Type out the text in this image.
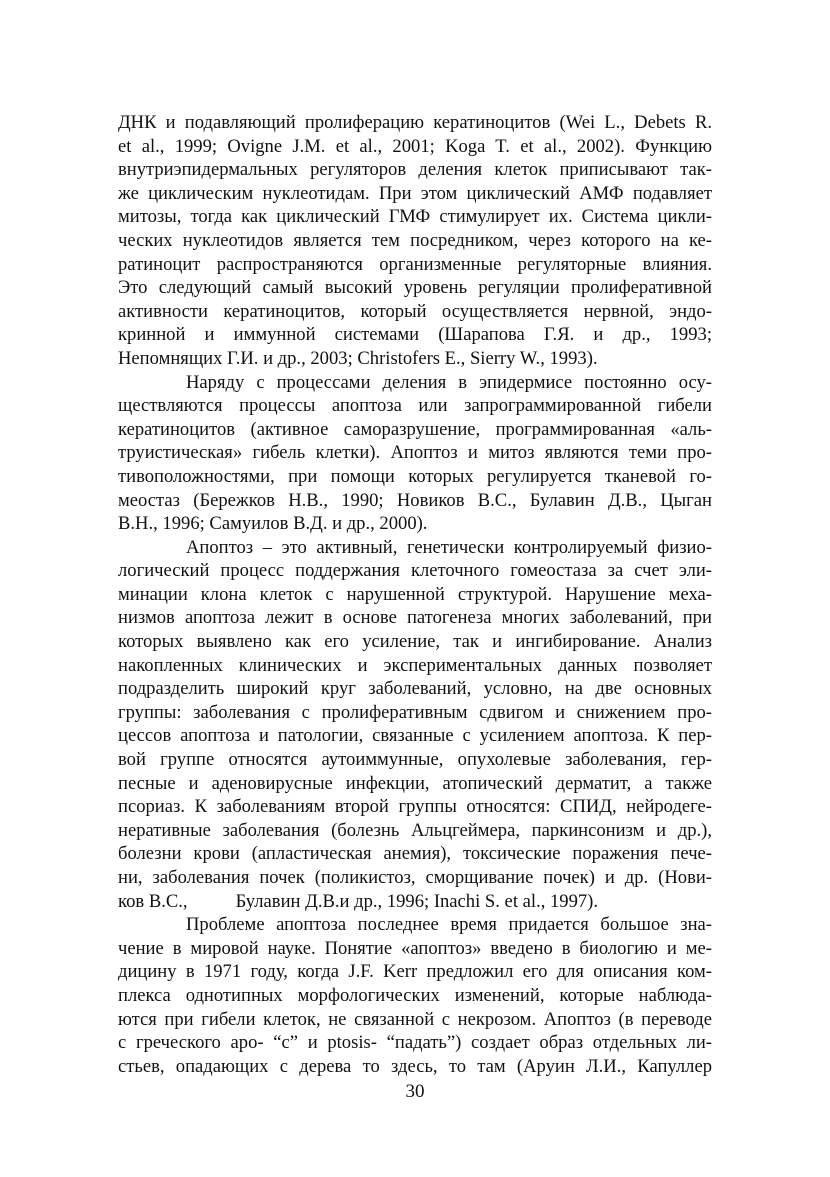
ДНК и подавляющий пролиферацию кератиноцитов (Wei L., Debets R.
et al., 1999; Ovigne J.M. et al., 2001; Koga T. et al., 2002). Функцию
внутриэпидермальных регуляторов деления клеток приписывают так-
же циклическим нуклеотидам. При этом циклический АМФ подавляет
митозы, тогда как циклический ГМФ стимулирует их. Система цикли-
ческих нуклеотидов является тем посредником, через которого на ке-
ратиноцит распространяются организменные регуляторные влияния.
Это следующий самый высокий уровень регуляции пролиферативной
активности кератиноцитов, который осуществляется нервной, эндо-
кринной и иммунной системами (Шарапова Г.Я. и др., 1993;
Непомнящих Г.И. и др., 2003; Christofers E., Sierry W., 1993).
Наряду с процессами деления в эпидермисе постоянно осу-
ществляются процессы апоптоза или запрограммированной гибели
кератиноцитов (активное саморазрушение, программированная «аль-
труистическая» гибель клетки). Апоптоз и митоз являются теми про-
тивоположностями, при помощи которых регулируется тканевой го-
меостаз (Бережков Н.В., 1990; Новиков В.С., Булавин Д.В., Цыган
В.Н., 1996; Самуилов В.Д. и др., 2000).
Апоптоз – это активный, генетически контролируемый физио-
логический процесс поддержания клеточного гомеостаза за счет эли-
минации клона клеток с нарушенной структурой. Нарушение меха-
низмов апоптоза лежит в основе патогенеза многих заболеваний, при
которых выявлено как его усиление, так и ингибирование. Анализ
накопленных клинических и экспериментальных данных позволяет
подразделить широкий круг заболеваний, условно, на две основных
группы: заболевания с пролиферативным сдвигом и снижением про-
цессов апоптоза и патологии, связанные с усилением апоптоза. К пер-
вой группе относятся аутоиммунные, опухолевые заболевания, гер-
песные и аденовирусные инфекции, атопический дерматит, а также
псориаз. К заболеваниям второй группы относятся: СПИД, нейродеге-
неративные заболевания (болезнь Альцгеймера, паркинсонизм и др.),
болезни крови (апластическая анемия), токсические поражения пече-
ни, заболевания почек (поликистоз, сморщивание почек) и др. (Нови-
ков В.С.,	Булавин Д.В.и др., 1996; Inachi S. et al., 1997).
Проблеме апоптоза последнее время придается большое зна-
чение в мировой науке. Понятие «апоптоз» введено в биологию и ме-
дицину в 1971 году, когда J.F. Kerr предложил его для описания ком-
плекса однотипных морфологических изменений, которые наблюда-
ются при гибели клеток, не связанной с некрозом. Апоптоз (в переводе
с греческого apo- “с” и ptosis- “падать”) создает образ отдельных ли-
стьев, опадающих с дерева то здесь, то там (Аруин Л.И., Капуллер
30
